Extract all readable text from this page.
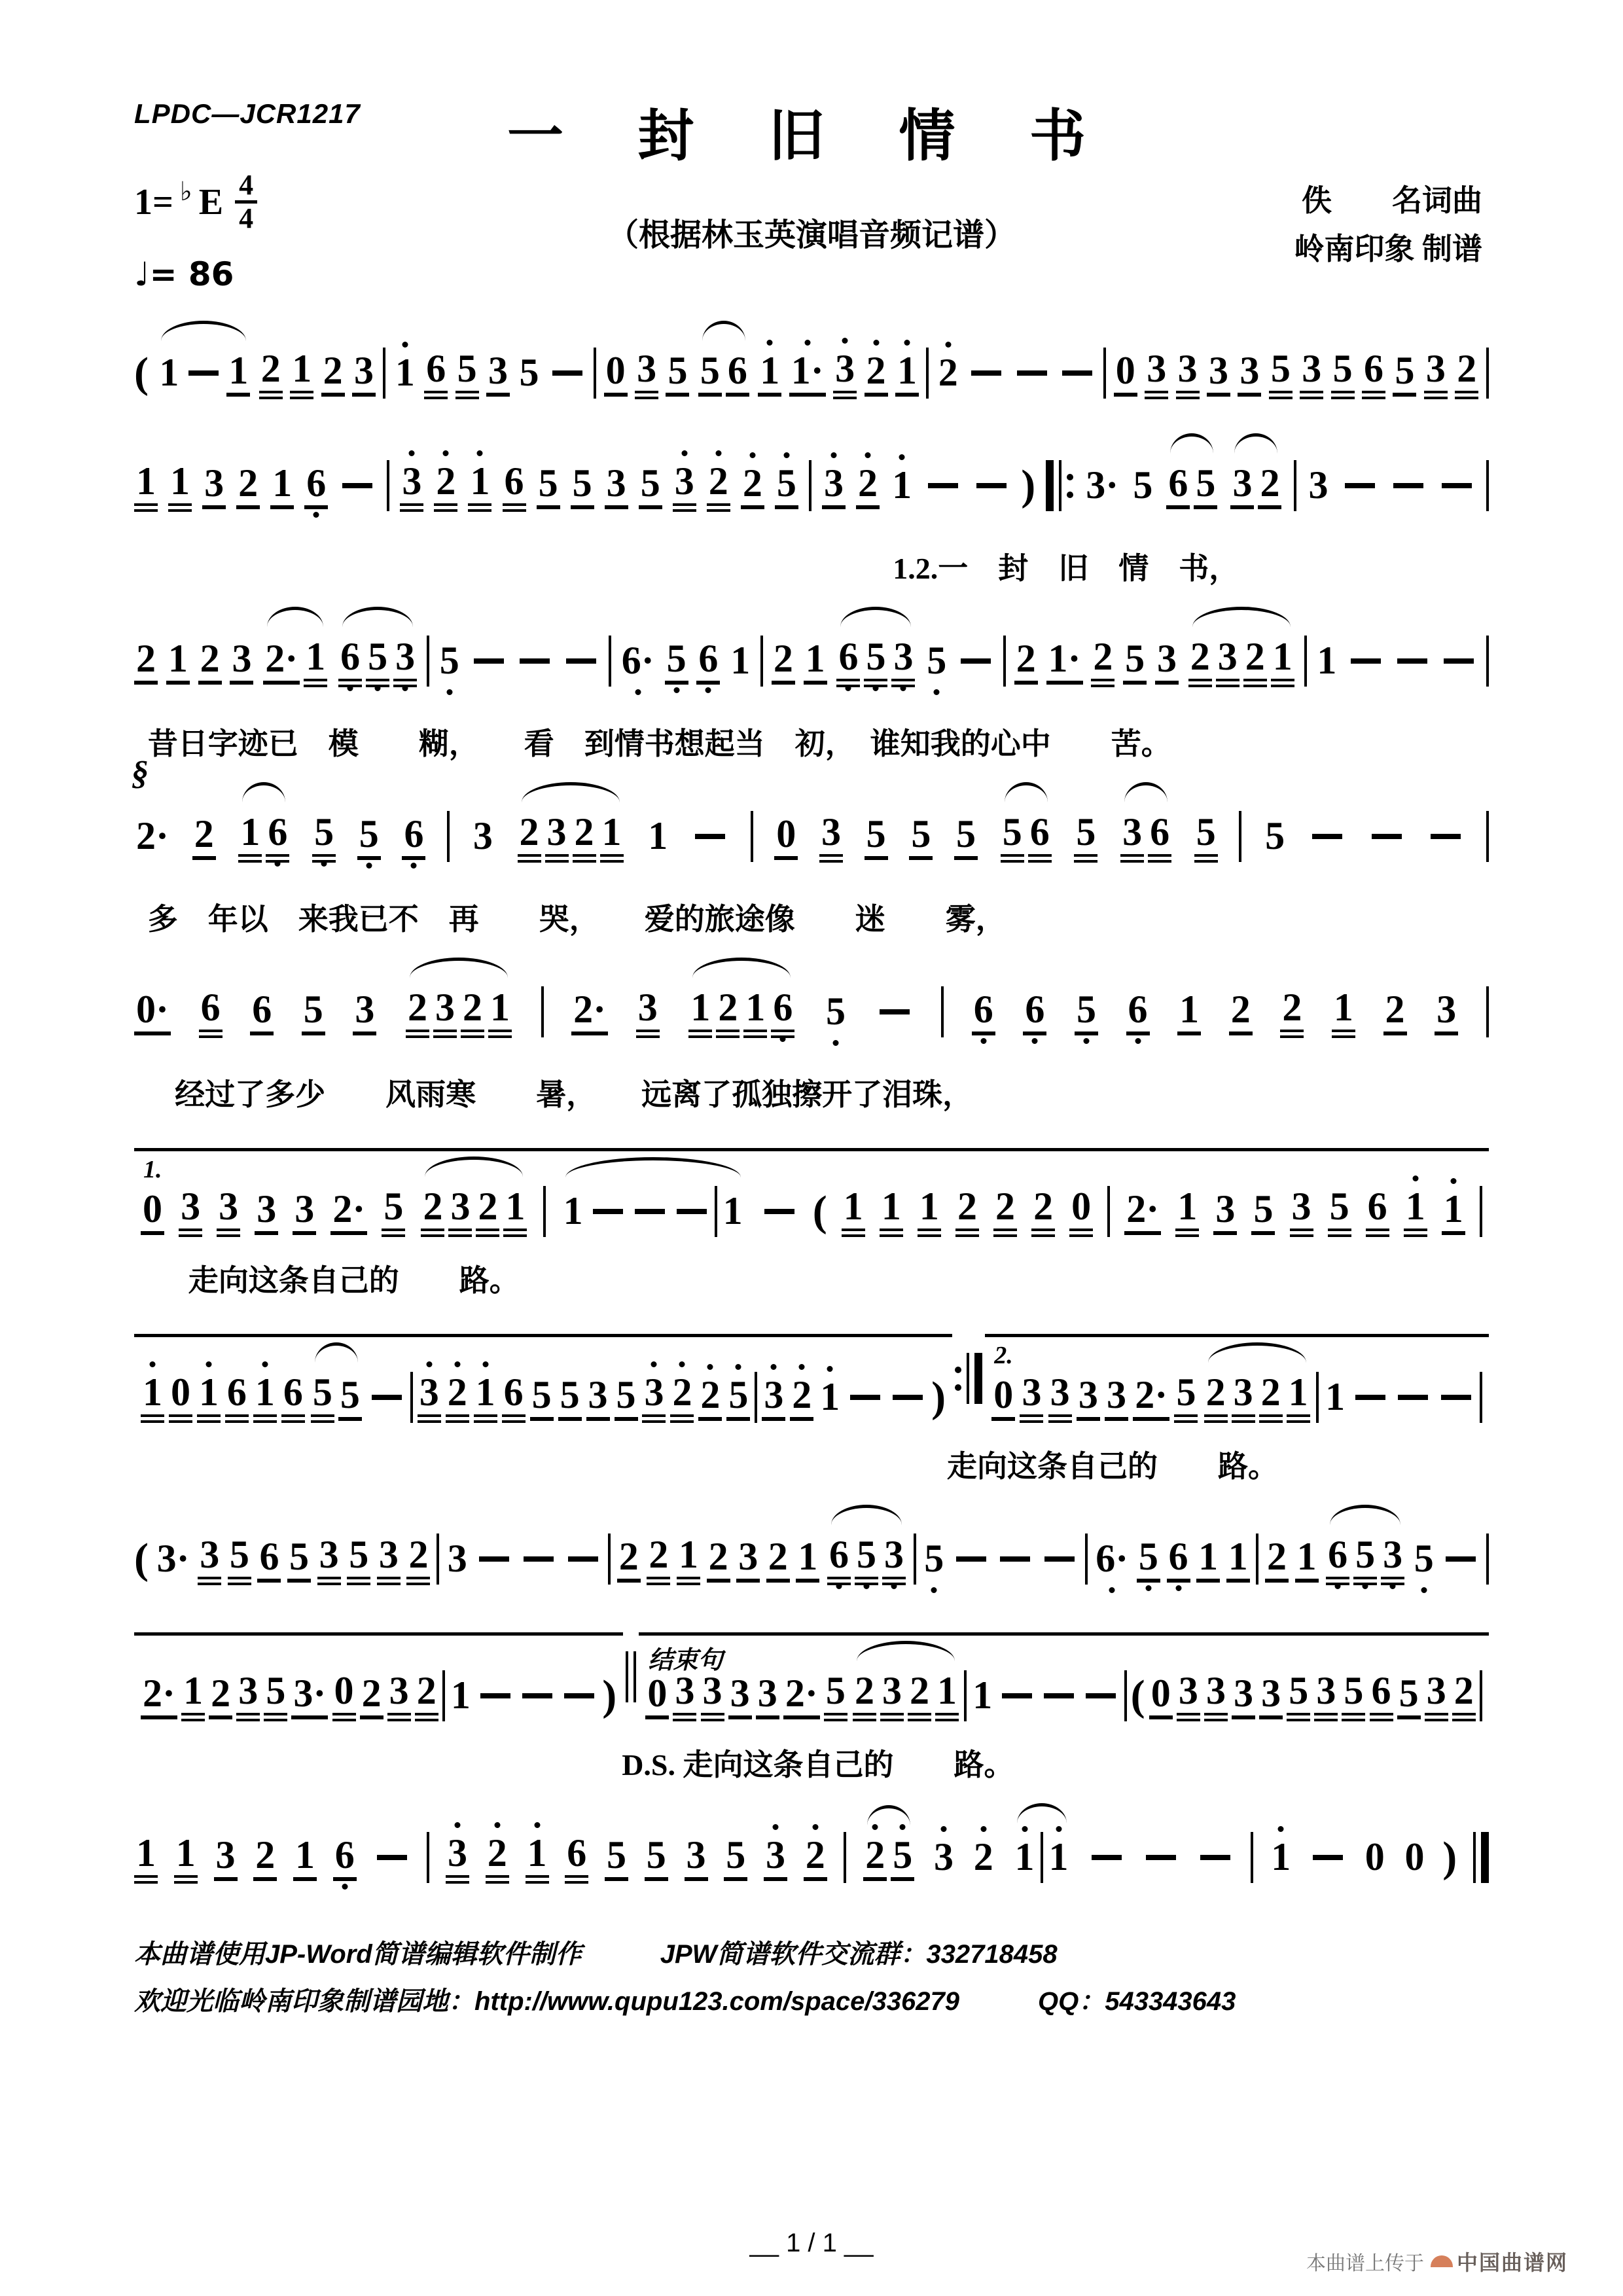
LPDC—JCR1217	一 封 旧 情 书
1= ♭ E $\frac{4}{4}$
♩= 86
（根据林玉英演唱音频记谱）
佚　　名词曲
岭南印象 制谱
( 1 1 2 1 2 3 1 6 5 3 5 0 3 5 5 6 1 1· 3 2 1 2	0 3 3 3 3 5 3 5 6 5 3 2
1 1 3 2 1 6 3 2 1 6 5 5 3 5 3 2 2 5 3 2 1	) 3· 5 6 5 3 2 3
1.2.一　封　旧　情　书，
2 1 2 3 2· 1 6 5 3 5	6· 5 6 1 2 1 6 5 3 5 2 1· 2 5 3 2 3 2 1 1
昔日字迹已　模　　糊，　　看　到情书想起当　初，　谁知我的心中　　苦。
§
2· 2 1 6 5 5 6 3 2 3 2 1 1	0 3 5 5 5 5 6 5 3 6 5 5
多　年以　来我已不　再　　哭，　　爱的旅途像　　迷　　雾，
0· 6 6 5 3 2 3 2 1 2· 3 1 2 1 6 5	6 6 5 6 1 2 2 1 2 3
经过了多少　　风雨寒　　暑，　　远离了孤独擦开了泪珠，
1.
0 3 3 3 3 2· 5 2 3 2 1 1	1 ( 1 1 1 2 2 2 0 2· 1 3 5 3 5 6 1 1
走向这条自己的　　路。
1 0 1 6 1 6 5 5 3 2 1 6 5 5 3 5 3 2 2 5 3 2 1 )
2.
0 3 3 3 3 2· 5 2 3 2 1 1
走向这条自己的　　路。
( 3· 3 5 6 5 3 5 3 2 3	2 2 1 2 3 2 1 6 5 3 5	6· 5 6 1 1 2 1 6 5 3 5
2· 1 2 3 5 3· 0 2 3 2 1	)
结束句
0 3 3 3 3 2· 5 2 3 2 1 1	( 0 3 3 3 3 5 3 5 6 5 3 2
D.S. 走向这条自己的　　路。
1 1 3 2 1 6 3 2 1 6 5 5 3 5 3 2 2 5 3 2 1 1	1 0 0 )
本曲谱使用JP-Word简谱编辑软件制作　　　JPW简谱软件交流群：332718458
欢迎光临岭南印象制谱园地：http://www.qupu123.com/space/336279　　　QQ：543343643
__ 1 / 1 __
本曲谱上传于 中国曲谱网
